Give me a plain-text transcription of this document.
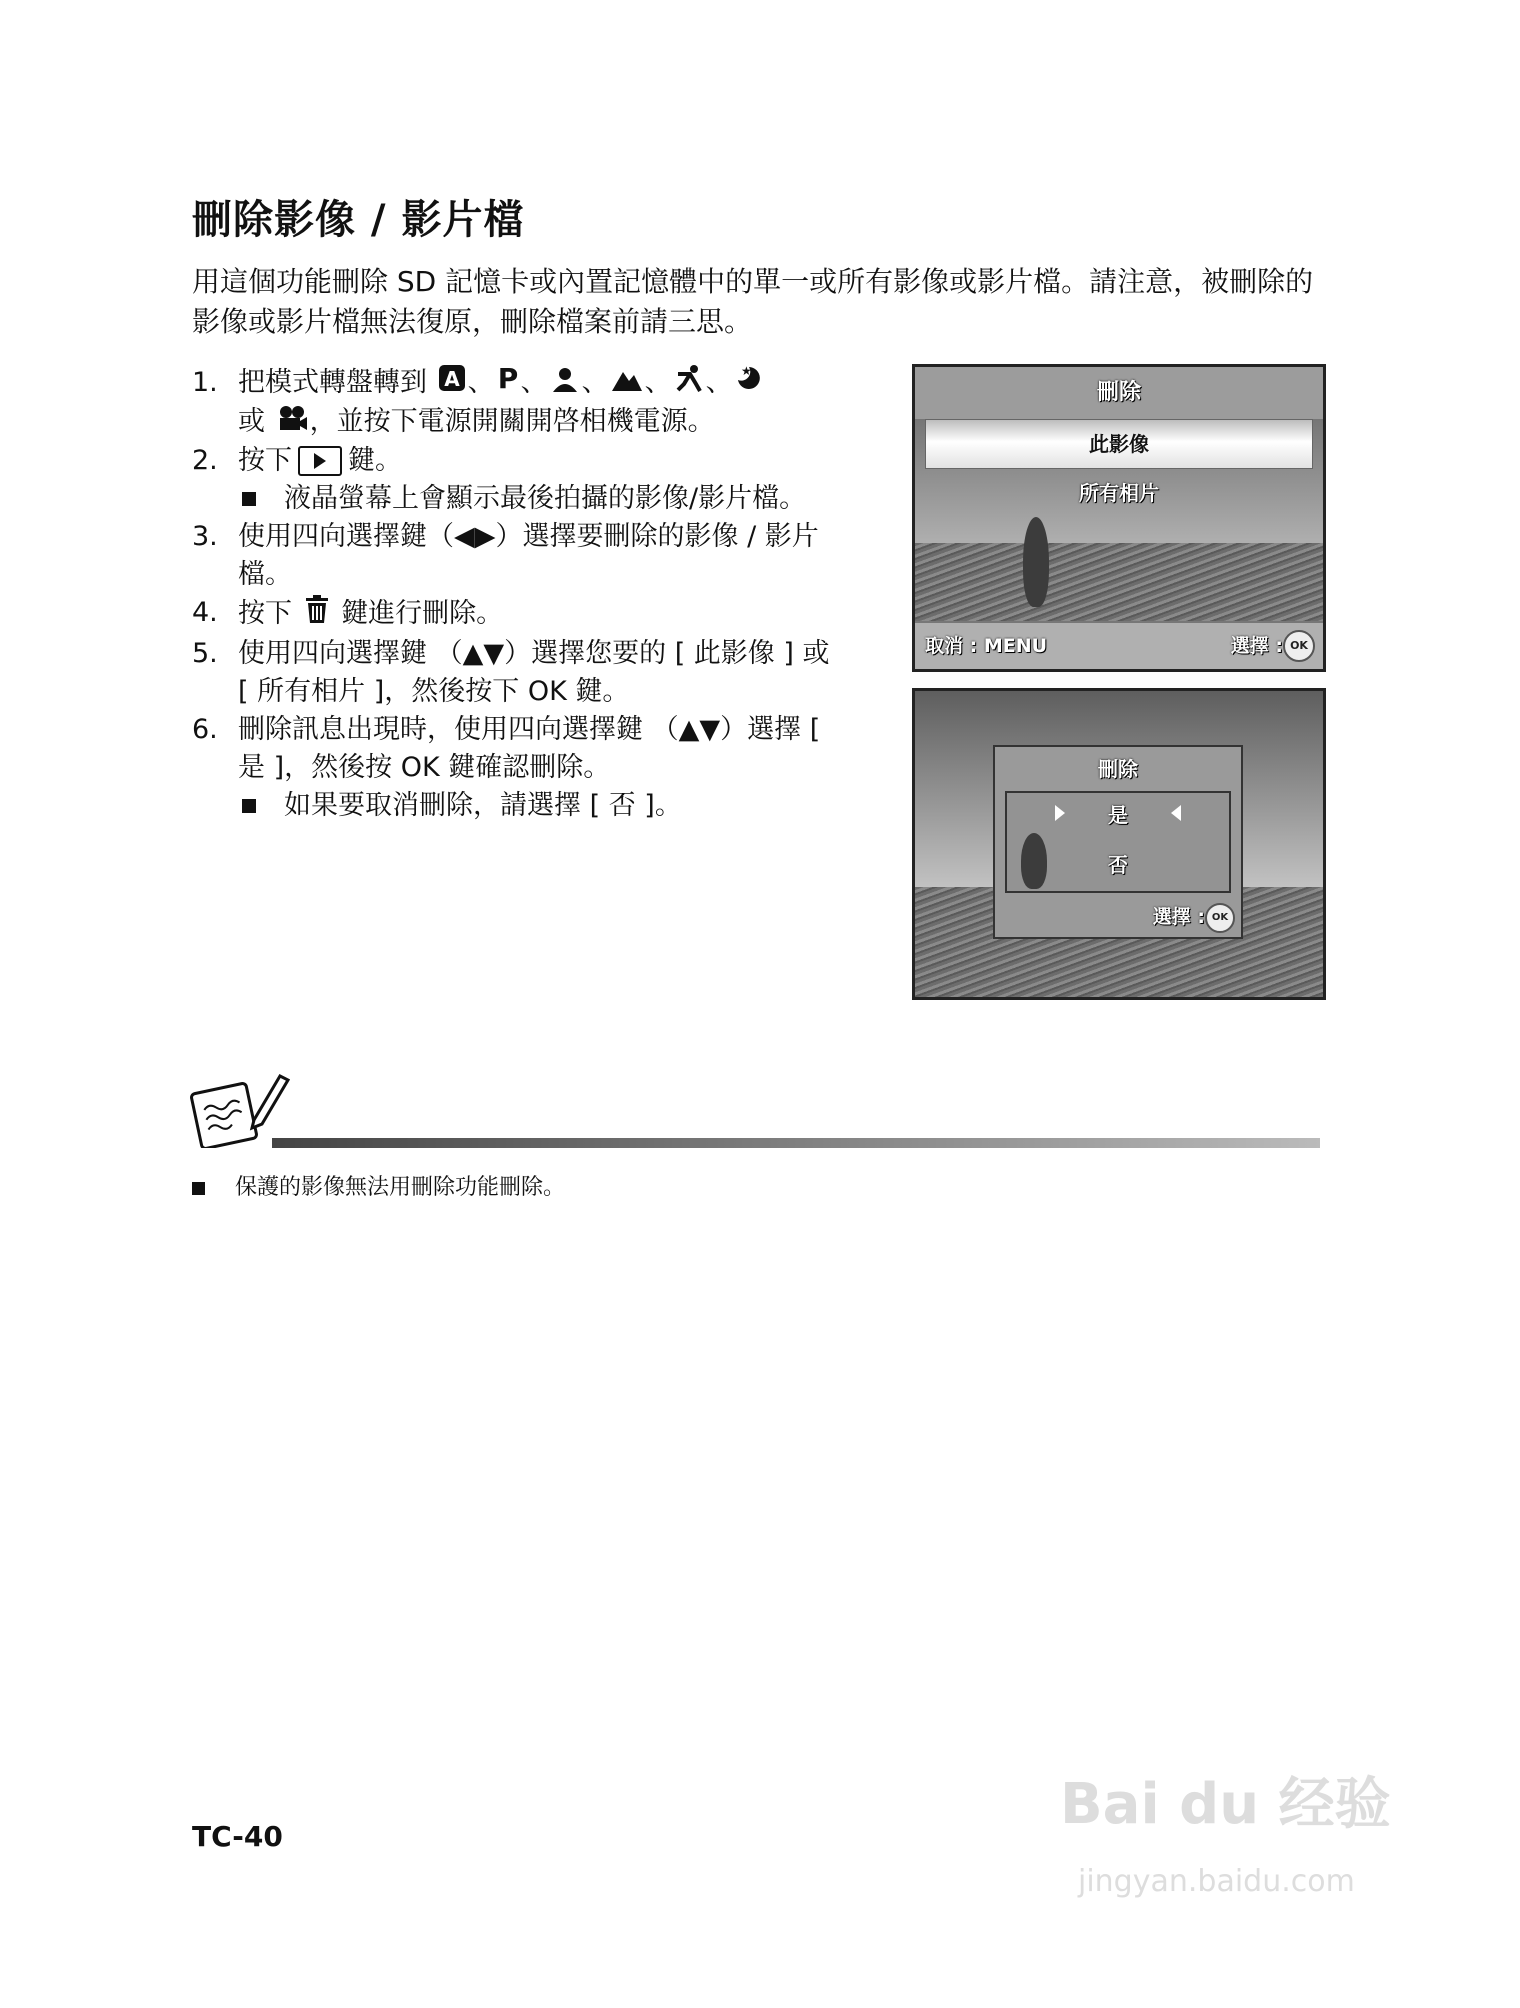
刪除影像 / 影片檔
用這個功能刪除 SD 記憶卡或內置記憶體中的單一或所有影像或影片檔。請注意，被刪除的影像或影片檔無法復原，刪除檔案前請三思。
1. 把模式轉盤轉到 A 、 P 、 、 、 、 ★

或 ，並按下電源開關開啓相機電源。
2. 按下 鍵。
液晶螢幕上會顯示最後拍攝的影像/影片檔。
3. 使用四向選擇鍵（◀▶）選擇要刪除的影像 / 影片檔。
4. 按下 鍵進行刪除。
5. 使用四向選擇鍵 （▲▼）選擇您要的 [ 此影像 ] 或 [ 所有相片 ]，然後按下 OK 鍵。
6. 刪除訊息出現時，使用四向選擇鍵 （▲▼）選擇 [ 是 ]，然後按 OK 鍵確認刪除。
如果要取消刪除，請選擇 [ 否 ]。
刪除
此影像
所有相片
取消 : MENU	選擇 : OK
刪除
是
否
選擇 : OK
保護的影像無法用刪除功能刪除。
TC-40	Bai du 经验
jingyan.baidu.com
